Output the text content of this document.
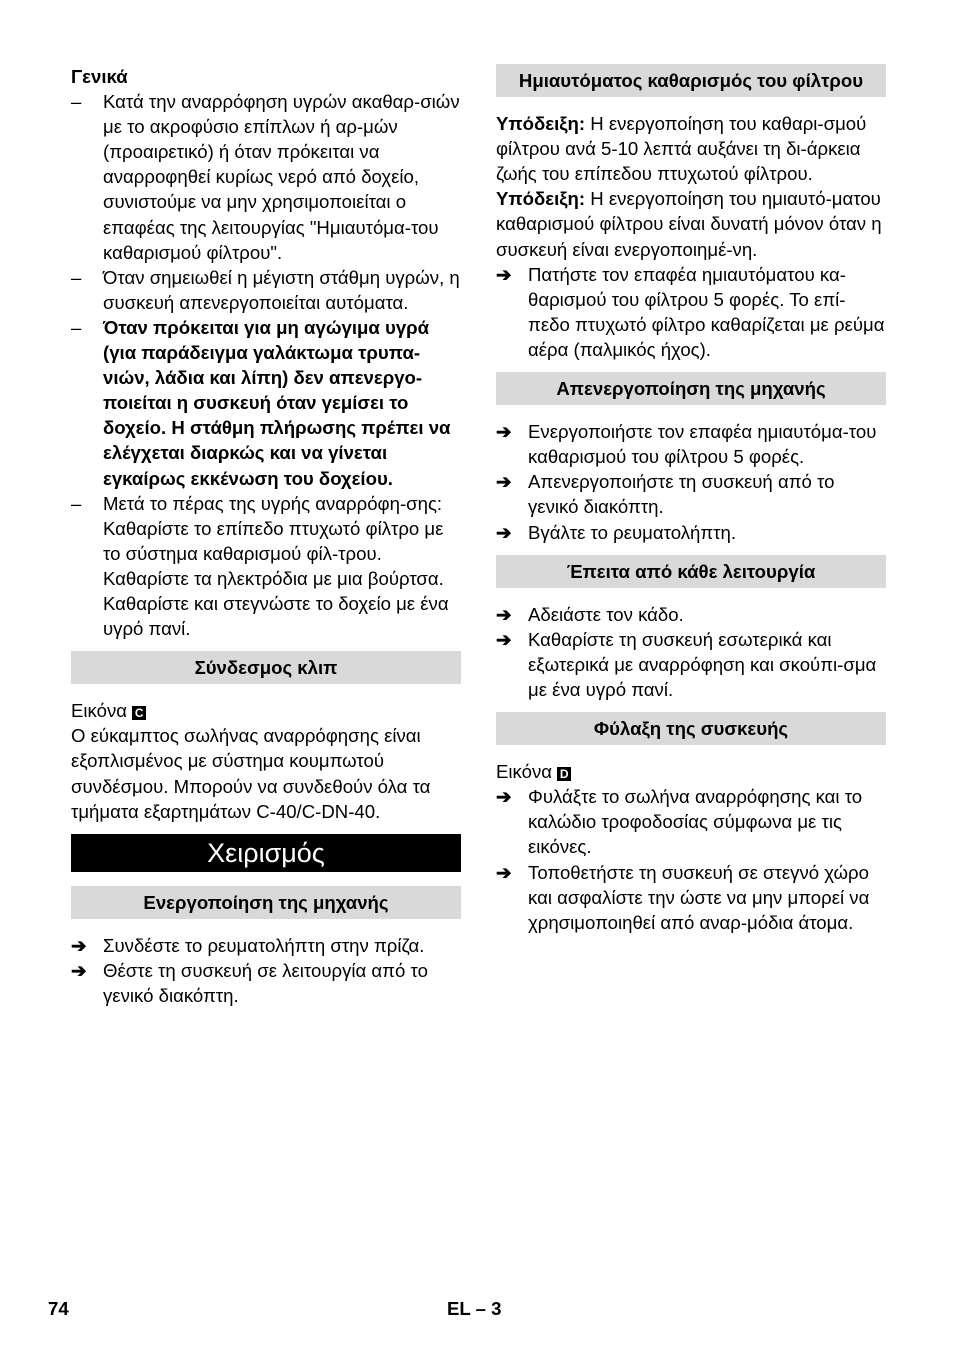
Γενικά

– Κατά την αναρρόφηση υγρών ακαθαρ-σιών με το ακροφύσιο επίπλων ή αρ-μών (προαιρετικό) ή όταν πρόκειται να αναρροφηθεί κυρίως νερό από δοχείο, συνιστούμε να μην χρησιμοποιείται ο επαφέας της λειτουργίας "Ημιαυτόμα-του καθαρισμού φίλτρου".
– Όταν σημειωθεί η μέγιστη στάθμη υγρών, η συσκευή απενεργοποιείται αυτόματα.
– Όταν πρόκειται για μη αγώγιμα υγρά (για παράδειγμα γαλάκτωμα τρυπα-νιών, λάδια και λίπη) δεν απενεργο-ποιείται η συσκευή όταν γεμίσει το δοχείο. Η στάθμη πλήρωσης πρέπει να ελέγχεται διαρκώς και να γίνεται εγκαίρως εκκένωση του δοχείου.
– Μετά το πέρας της υγρής αναρρόφη-σης: Καθαρίστε το επίπεδο πτυχωτό φίλτρο με το σύστημα καθαρισμού φίλ-τρου. Καθαρίστε τα ηλεκτρόδια με μια βούρτσα. Καθαρίστε και στεγνώστε το δοχείο με ένα υγρό πανί.
Σύνδεσμος κλιπ

Εικόνα C

Ο εύκαμπτος σωλήνας αναρρόφησης είναι εξοπλισμένος με σύστημα κουμπωτού συνδέσμου. Μπορούν να συνδεθούν όλα τα τμήματα εξαρτημάτων C-40/C-DN-40.

Χειρισμός
Ενεργοποίηση της μηχανής
➔ Συνδέστε το ρευματολήπτη στην πρίζα.
➔ Θέστε τη συσκευή σε λειτουργία από το γενικό διακόπτη.
Ημιαυτόματος καθαρισμός του φίλτρου

Υπόδειξη: Η ενεργοποίηση του καθαρι-σμού φίλτρου ανά 5-10 λεπτά αυξάνει τη δι-άρκεια ζωής του επίπεδου πτυχωτού φίλτρου.

Υπόδειξη: Η ενεργοποίηση του ημιαυτό-ματου καθαρισμού φίλτρου είναι δυνατή μόνον όταν η συσκευή είναι ενεργοποιημέ-νη.

➔ Πατήστε τον επαφέα ημιαυτόματου κα-θαρισμού του φίλτρου 5 φορές. Το επί-πεδο πτυχωτό φίλτρο καθαρίζεται με ρεύμα αέρα (παλμικός ήχος).
Απενεργοποίηση της μηχανής
➔ Ενεργοποιήστε τον επαφέα ημιαυτόμα-του καθαρισμού του φίλτρου 5 φορές.
➔ Απενεργοποιήστε τη συσκευή από το γενικό διακόπτη.
➔ Βγάλτε το ρευματολήπτη.
Έπειτα από κάθε λειτουργία
➔ Αδειάστε τον κάδο.
➔ Καθαρίστε τη συσκευή εσωτερικά και εξωτερικά με αναρρόφηση και σκούπι-σμα με ένα υγρό πανί.
Φύλαξη της συσκευής

Εικόνα D

➔ Φυλάξτε το σωλήνα αναρρόφησης και το καλώδιο τροφοδοσίας σύμφωνα με τις εικόνες.
➔ Τοποθετήστε τη συσκευή σε στεγνό χώρο και ασφαλίστε την ώστε να μην μπορεί να χρησιμοποιηθεί από αναρ-μόδια άτομα.
74	EL – 3
